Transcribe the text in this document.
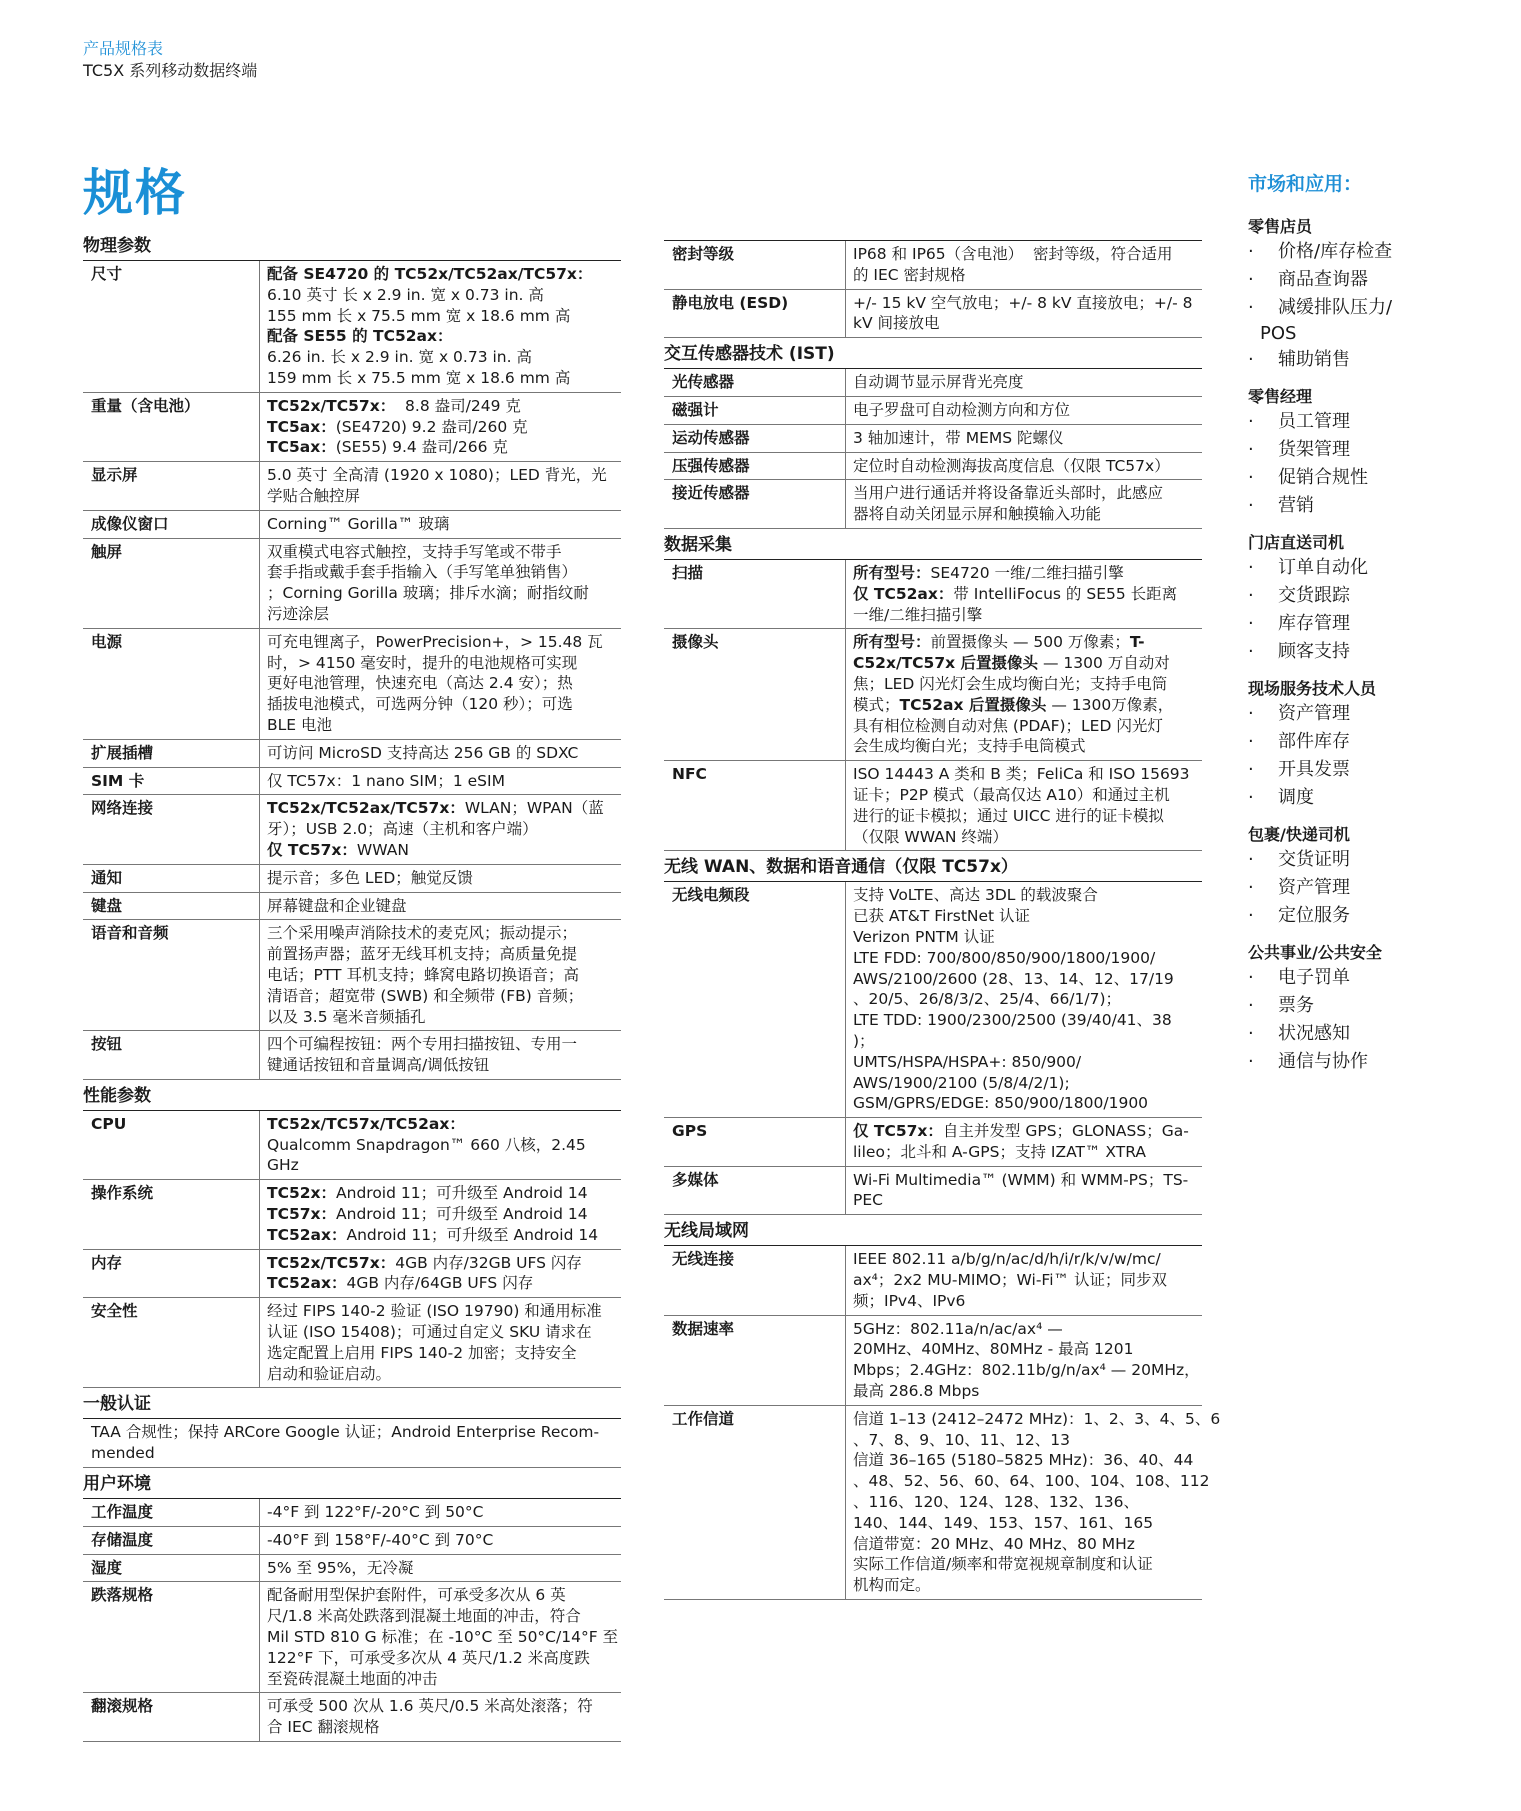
产品规格表
TC5X 系列移动数据终端
规格
物理参数
尺寸	配备 SE4720 的 TC52x/TC52ax/TC57x：
6.10 英寸 长 x 2.9 in. 宽 x 0.73 in. 高
155 mm 长 x 75.5 mm 宽 x 18.6 mm 高
配备 SE55 的 TC52ax：
6.26 in. 长 x 2.9 in. 宽 x 0.73 in. 高
159 mm 长 x 75.5 mm 宽 x 18.6 mm 高
重量（含电池）	TC52x/TC57x：  8.8 盎司/249 克
TC5ax：(SE4720) 9.2 盎司/260 克
TC5ax：(SE55) 9.4 盎司/266 克
显示屏	5.0 英寸 全高清 (1920 x 1080)；LED 背光，光
学贴合触控屏
成像仪窗口	Corning™ Gorilla™ 玻璃
触屏	双重模式电容式触控，支持手写笔或不带手
套手指或戴手套手指输入（手写笔单独销售）
；Corning Gorilla 玻璃；排斥水滴；耐指纹耐
污迹涂层
电源	可充电锂离子，PowerPrecision+，> 15.48 瓦
时，> 4150 毫安时，提升的电池规格可实现
更好电池管理，快速充电（高达 2.4 安）；热
插拔电池模式，可选两分钟（120 秒）；可选
BLE 电池
扩展插槽	可访问 MicroSD 支持高达 256 GB 的 SDXC
SIM 卡	仅 TC57x：1 nano SIM；1 eSIM
网络连接	TC52x/TC52ax/TC57x：WLAN；WPAN（蓝
牙）；USB 2.0；高速（主机和客户端）
仅 TC57x：WWAN
通知	提示音；多色 LED；触觉反馈
键盘	屏幕键盘和企业键盘
语音和音频	三个采用噪声消除技术的麦克风；振动提示；
前置扬声器；蓝牙无线耳机支持；高质量免提
电话；PTT 耳机支持；蜂窝电路切换语音；高
清语音；超宽带 (SWB) 和全频带 (FB) 音频；
以及 3.5 毫米音频插孔
按钮	四个可编程按钮：两个专用扫描按钮、专用一
键通话按钮和音量调高/调低按钮
性能参数
CPU	TC52x/TC57x/TC52ax：
Qualcomm Snapdragon™ 660 八核，2.45
GHz
操作系统	TC52x：Android 11；可升级至 Android 14
TC57x：Android 11；可升级至 Android 14
TC52ax：Android 11；可升级至 Android 14
内存	TC52x/TC57x：4GB 内存/32GB UFS 闪存
TC52ax：4GB 内存/64GB UFS 闪存
安全性	经过 FIPS 140-2 验证 (ISO 19790) 和通用标准
认证 (ISO 15408)；可通过自定义 SKU 请求在
选定配置上启用 FIPS 140-2 加密；支持安全
启动和验证启动。
一般认证
TAA 合规性；保持 ARCore Google 认证；Android Enterprise Recom-
mended
用户环境
工作温度	-4°F 到 122°F/-20°C 到 50°C
存储温度	-40°F 到 158°F/-40°C 到 70°C
湿度	5% 至 95%，无冷凝
跌落规格	配备耐用型保护套附件，可承受多次从 6 英
尺/1.8 米高处跌落到混凝土地面的冲击，符合
Mil STD 810 G 标准；在 -10°C 至 50°C/14°F 至
122°F 下，可承受多次从 4 英尺/1.2 米高度跌
至瓷砖混凝土地面的冲击
翻滚规格	可承受 500 次从 1.6 英尺/0.5 米高处滚落；符
合 IEC 翻滚规格
密封等级	IP68 和 IP65（含电池）  密封等级，符合适用
的 IEC 密封规格
静电放电 (ESD)	+/- 15 kV 空气放电；+/- 8 kV 直接放电；+/- 8
kV 间接放电
交互传感器技术 (IST)
光传感器	自动调节显示屏背光亮度
磁强计	电子罗盘可自动检测方向和方位
运动传感器	3 轴加速计，带 MEMS 陀螺仪
压强传感器	定位时自动检测海拔高度信息（仅限 TC57x）
接近传感器	当用户进行通话并将设备靠近头部时，此感应
器将自动关闭显示屏和触摸输入功能
数据采集
扫描	所有型号：SE4720 一维/二维扫描引擎
仅 TC52ax：带 IntelliFocus 的 SE55 长距离
一维/二维扫描引擎
摄像头	所有型号：前置摄像头 — 500 万像素；T-
C52x/TC57x 后置摄像头 — 1300 万自动对
焦；LED 闪光灯会生成均衡白光；支持手电筒
模式；TC52ax 后置摄像头 — 1300万像素，
具有相位检测自动对焦 (PDAF)；LED 闪光灯
会生成均衡白光；支持手电筒模式
NFC	ISO 14443 A 类和 B 类；FeliCa 和 ISO 15693
证卡；P2P 模式（最高仅达 A10）和通过主机
进行的证卡模拟；通过 UICC 进行的证卡模拟
（仅限 WWAN 终端）
无线 WAN、数据和语音通信（仅限 TC57x）
无线电频段	支持 VoLTE、高达 3DL 的载波聚合
已获 AT&T FirstNet 认证
Verizon PNTM 认证
LTE FDD: 700/800/850/900/1800/1900/
AWS/2100/2600 (28、13、14、12、17/19
、20/5、26/8/3/2、25/4、66/1/7)；
LTE TDD: 1900/2300/2500 (39/40/41、38
)；
UMTS/HSPA/HSPA+: 850/900/
AWS/1900/2100 (5/8/4/2/1);
GSM/GPRS/EDGE: 850/900/1800/1900
GPS	仅 TC57x：自主并发型 GPS；GLONASS；Ga-
lileo；北斗和 A-GPS；支持 IZAT™ XTRA
多媒体	Wi-Fi Multimedia™ (WMM) 和 WMM-PS；TS-
PEC
无线局域网
无线连接	IEEE 802.11 a/b/g/n/ac/d/h/i/r/k/v/w/mc/
ax⁴；2x2 MU-MIMO；Wi-Fi™ 认证；同步双
频；IPv4、IPv6
数据速率	5GHz：802.11a/n/ac/ax⁴ —
20MHz、40MHz、80MHz - 最高 1201
Mbps；2.4GHz：802.11b/g/n/ax⁴ — 20MHz，
最高 286.8 Mbps
工作信道	信道 1–13 (2412–2472 MHz)：1、2、3、4、5、6
、7、8、9、10、11、12、13
信道 36–165 (5180–5825 MHz)：36、40、44
、48、52、56、60、64、100、104、108、112
、116、120、124、128、132、136、
140、144、149、153、157、161、165
信道带宽：20 MHz、40 MHz、80 MHz
实际工作信道/频率和带宽视规章制度和认证
机构而定。
市场和应用：
零售店员
·	价格/库存检查
·	商品查询器
·	减缓排队压力/
POS
·	辅助销售
零售经理
·	员工管理
·	货架管理
·	促销合规性
·	营销
门店直送司机
·	订单自动化
·	交货跟踪
·	库存管理
·	顾客支持
现场服务技术人员
·	资产管理
·	部件库存
·	开具发票
·	调度
包裹/快递司机
·	交货证明
·	资产管理
·	定位服务
公共事业/公共安全
·	电子罚单
·	票务
·	状况感知
·	通信与协作
